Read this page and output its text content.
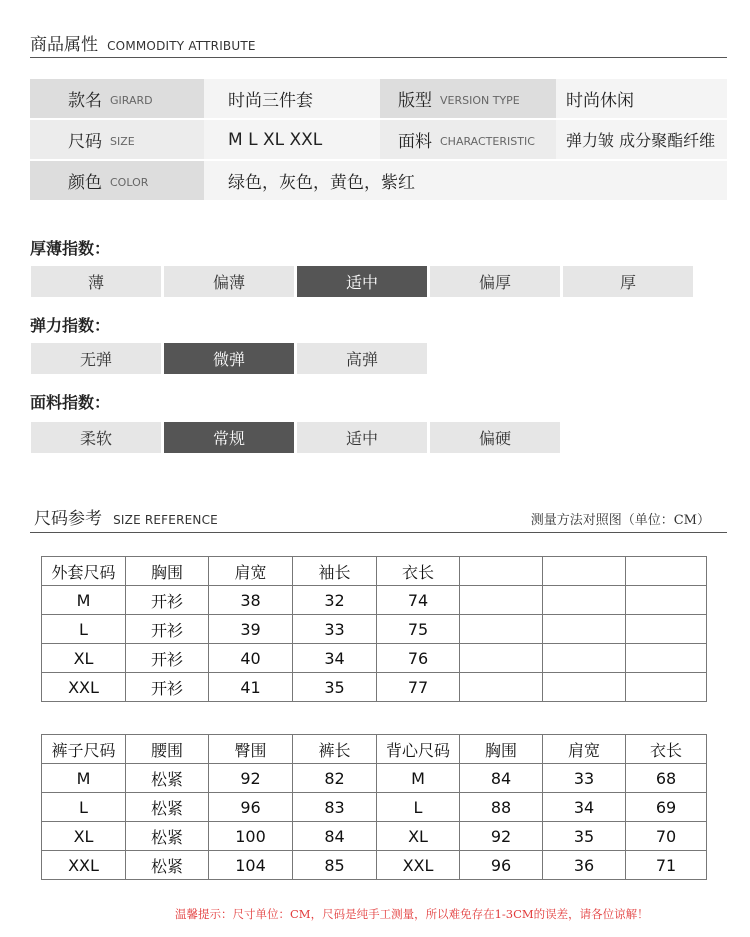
商品属性 COMMODITY ATTRIBUTE
款名 GIRARD	时尚三件套	版型 VERSION TYPE	时尚休闲
尺码 SIZE	M L XL XXL	面料 CHARACTERISTIC	弹力皱 成分聚酯纤维
颜色 COLOR	绿色，灰色，黄色，紫红
厚薄指数：
薄	偏薄	适中	偏厚	厚
弹力指数：
无弹	微弹	高弹
面料指数：
柔软	常规	适中	偏硬
尺码参考 SIZE REFERENCE	测量方法对照图（单位：CM）
外套尺码	胸围	肩宽	袖长	衣长			
M	开衫	38	32	74			
L	开衫	39	33	75			
XL	开衫	40	34	76			
XXL	开衫	41	35	77			
裤子尺码	腰围	臀围	裤长	背心尺码	胸围	肩宽	衣长
M	松紧	92	82	M	84	33	68
L	松紧	96	83	L	88	34	69
XL	松紧	100	84	XL	92	35	70
XXL	松紧	104	85	XXL	96	36	71
温馨提示：尺寸单位：CM，尺码是纯手工测量，所以难免存在1-3CM的误差，请各位谅解！
